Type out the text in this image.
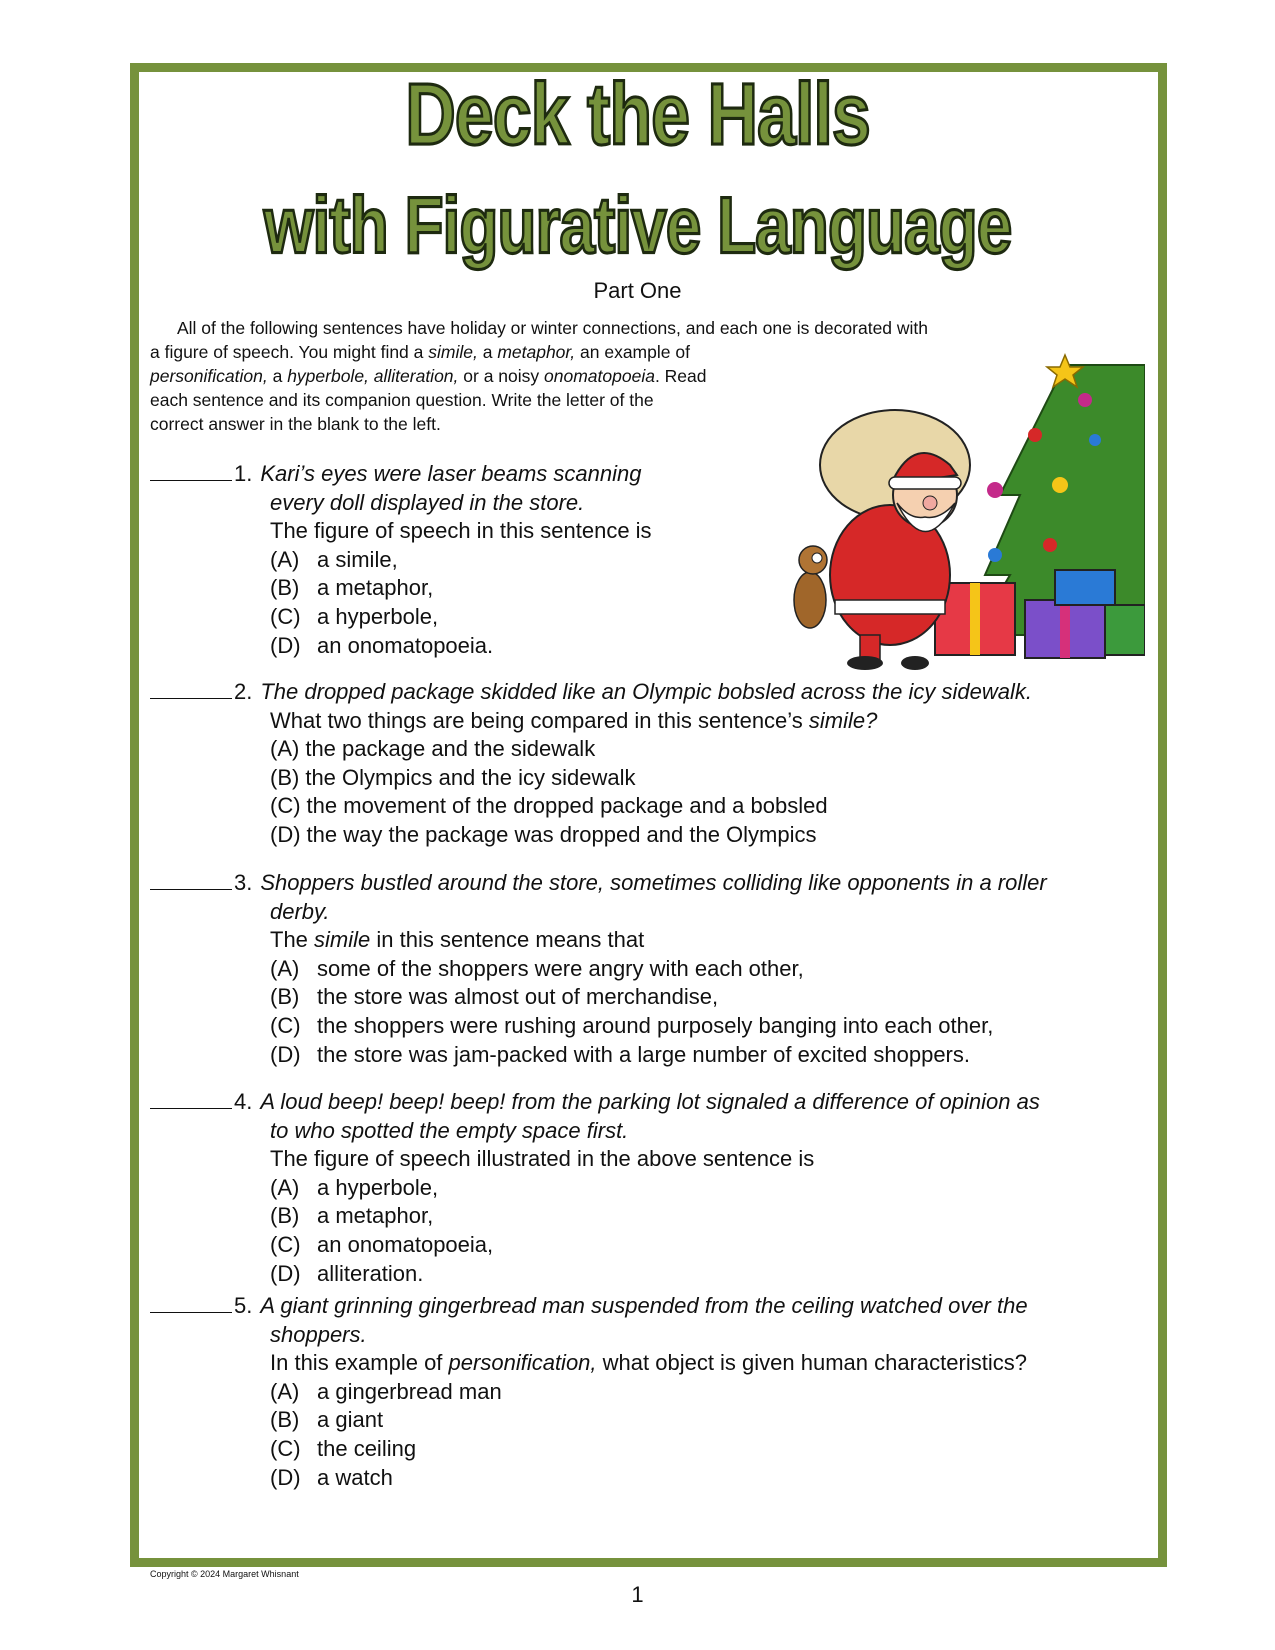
Deck the Halls
with Figurative Language
Part One
All of the following sentences have holiday or winter connections, and each one is decorated with
a figure of speech. You might find a simile, a metaphor, an example of
personification, a hyperbole, alliteration, or a noisy onomatopoeia. Read
each sentence and its companion question. Write the letter of the
correct answer in the blank to the left.
1. Kari’s eyes were laser beams scanning
every doll displayed in the store.
The figure of speech in this sentence is
(A) a simile,
(B) a metaphor,
(C) a hyperbole,
(D) an onomatopoeia.
2. The dropped package skidded like an Olympic bobsled across the icy sidewalk.
What two things are being compared in this sentence’s simile?
(A) the package and the sidewalk
(B) the Olympics and the icy sidewalk
(C) the movement of the dropped package and a bobsled
(D) the way the package was dropped and the Olympics
3. Shoppers bustled around the store, sometimes colliding like opponents in a roller
derby.
The simile in this sentence means that
(A) some of the shoppers were angry with each other,
(B) the store was almost out of merchandise,
(C) the shoppers were rushing around purposely banging into each other,
(D) the store was jam-packed with a large number of excited shoppers.
4. A loud beep! beep! beep! from the parking lot signaled a difference of opinion as
to who spotted the empty space first.
The figure of speech illustrated in the above sentence is
(A) a hyperbole,
(B) a metaphor,
(C) an onomatopoeia,
(D) alliteration.
5. A giant grinning gingerbread man suspended from the ceiling watched over the
shoppers.
In this example of personification, what object is given human characteristics?
(A) a gingerbread man
(B) a giant
(C) the ceiling
(D) a watch
Copyright © 2024 Margaret Whisnant
1
